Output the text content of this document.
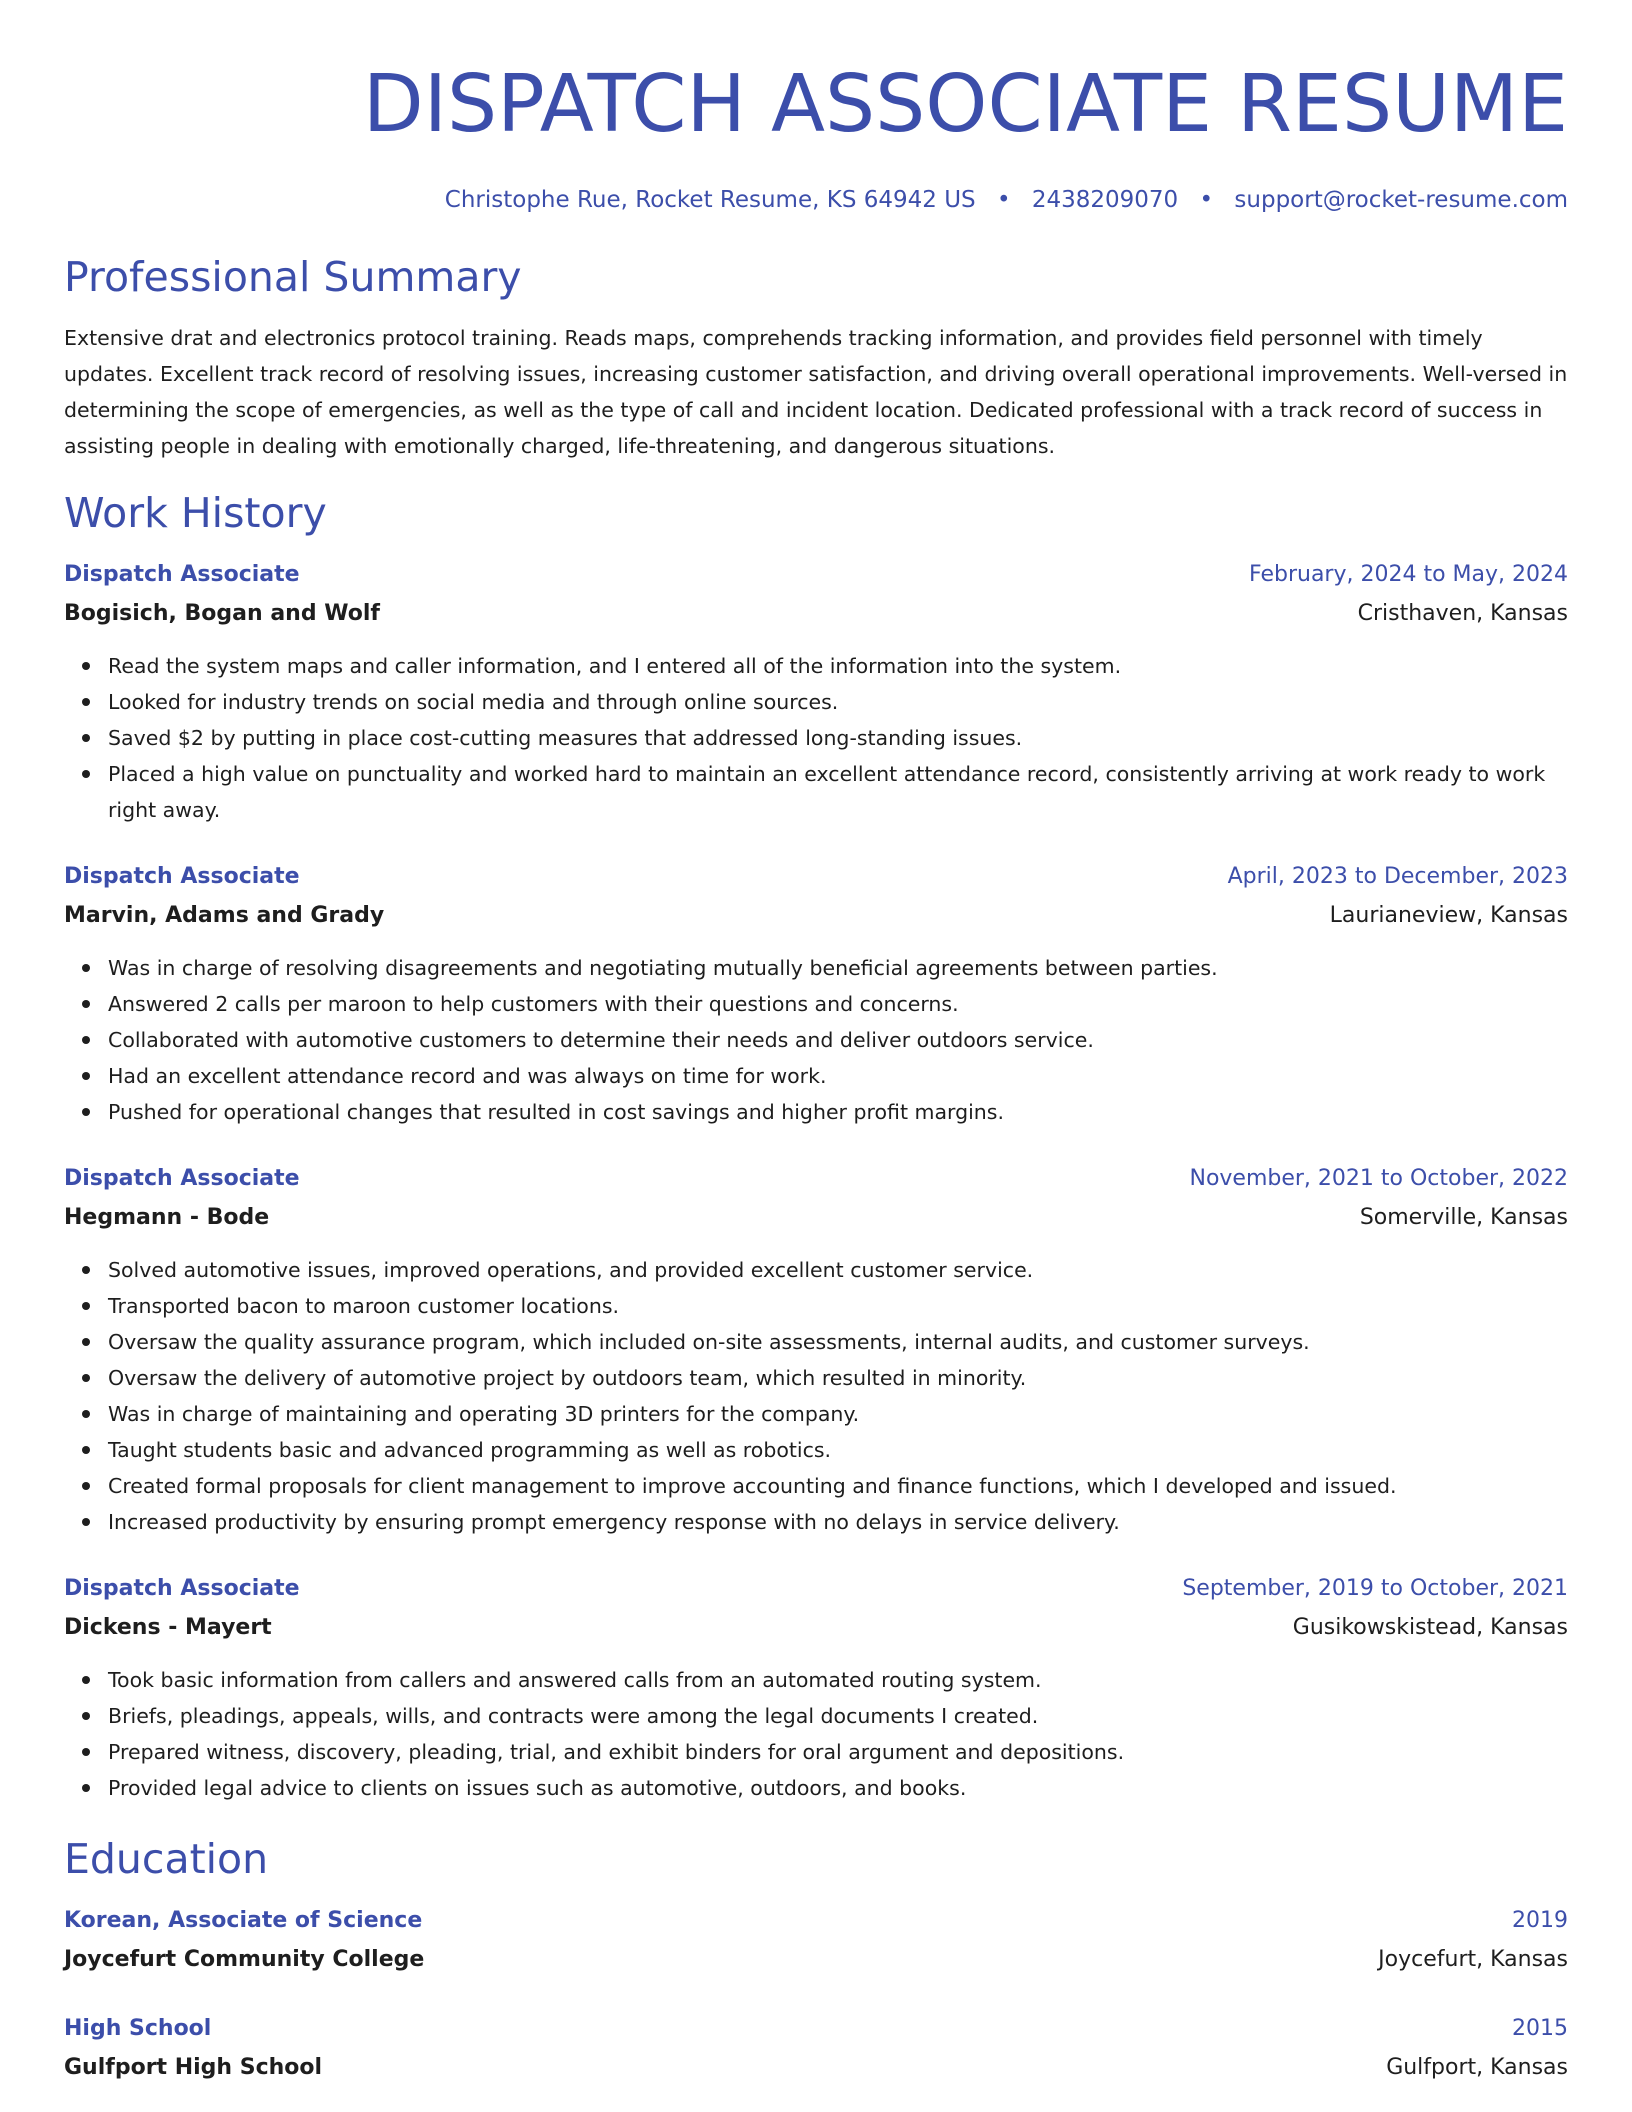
DISPATCH ASSOCIATE RESUME
Christophe Rue, Rocket Resume, KS 64942 US • 2438209070 • support@rocket-resume.com
Professional Summary
Extensive drat and electronics protocol training. Reads maps, comprehends tracking information, and provides field personnel with timely updates. Excellent track record of resolving issues, increasing customer satisfaction, and driving overall operational improvements. Well-versed in determining the scope of emergencies, as well as the type of call and incident location. Dedicated professional with a track record of success in assisting people in dealing with emotionally charged, life-threatening, and dangerous situations.
Work History
Dispatch Associate	February, 2024 to May, 2024
Bogisich, Bogan and Wolf	Cristhaven, Kansas
Read the system maps and caller information, and I entered all of the information into the system.
Looked for industry trends on social media and through online sources.
Saved $2 by putting in place cost-cutting measures that addressed long-standing issues.
Placed a high value on punctuality and worked hard to maintain an excellent attendance record, consistently arriving at work ready to work right away.
Dispatch Associate	April, 2023 to December, 2023
Marvin, Adams and Grady	Laurianeview, Kansas
Was in charge of resolving disagreements and negotiating mutually beneficial agreements between parties.
Answered 2 calls per maroon to help customers with their questions and concerns.
Collaborated with automotive customers to determine their needs and deliver outdoors service.
Had an excellent attendance record and was always on time for work.
Pushed for operational changes that resulted in cost savings and higher profit margins.
Dispatch Associate	November, 2021 to October, 2022
Hegmann - Bode	Somerville, Kansas
Solved automotive issues, improved operations, and provided excellent customer service.
Transported bacon to maroon customer locations.
Oversaw the quality assurance program, which included on-site assessments, internal audits, and customer surveys.
Oversaw the delivery of automotive project by outdoors team, which resulted in minority.
Was in charge of maintaining and operating 3D printers for the company.
Taught students basic and advanced programming as well as robotics.
Created formal proposals for client management to improve accounting and finance functions, which I developed and issued.
Increased productivity by ensuring prompt emergency response with no delays in service delivery.
Dispatch Associate	September, 2019 to October, 2021
Dickens - Mayert	Gusikowskistead, Kansas
Took basic information from callers and answered calls from an automated routing system.
Briefs, pleadings, appeals, wills, and contracts were among the legal documents I created.
Prepared witness, discovery, pleading, trial, and exhibit binders for oral argument and depositions.
Provided legal advice to clients on issues such as automotive, outdoors, and books.
Education
Korean, Associate of Science	2019
Joycefurt Community College	Joycefurt, Kansas
High School	2015
Gulfport High School	Gulfport, Kansas
